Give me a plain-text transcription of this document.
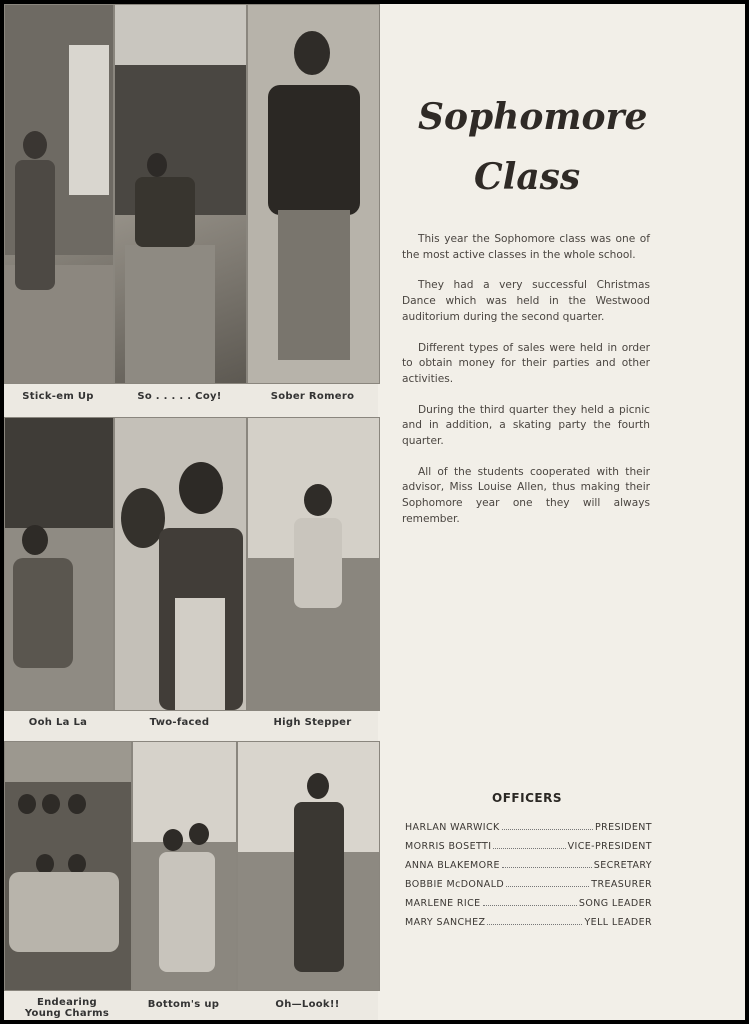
Stick-em Up	So . . . . . Coy!	Sober Romero
Ooh La La	Two-faced	High Stepper
Endearing
Young Charms
Bottom's up	Oh—Look!!
Sophomore
Class

This year the Sophomore class was one of the most active classes in the whole school.

They had a very successful Christmas Dance which was held in the Westwood auditorium during the second quarter.

Different types of sales were held in order to obtain money for their parties and other activities.

During the third quarter they held a picnic and in addition, a skating party the fourth quarter.

All of the students cooperated with their advisor, Miss Louise Allen, thus making their Sophomore year one they will always remember.

OFFICERS
HARLAN WARWICK	PRESIDENT
MORRIS BOSETTI	VICE-PRESIDENT
ANNA BLAKEMORE	SECRETARY
BOBBIE McDONALD	TREASURER
MARLENE RICE	SONG LEADER
MARY SANCHEZ	YELL LEADER
